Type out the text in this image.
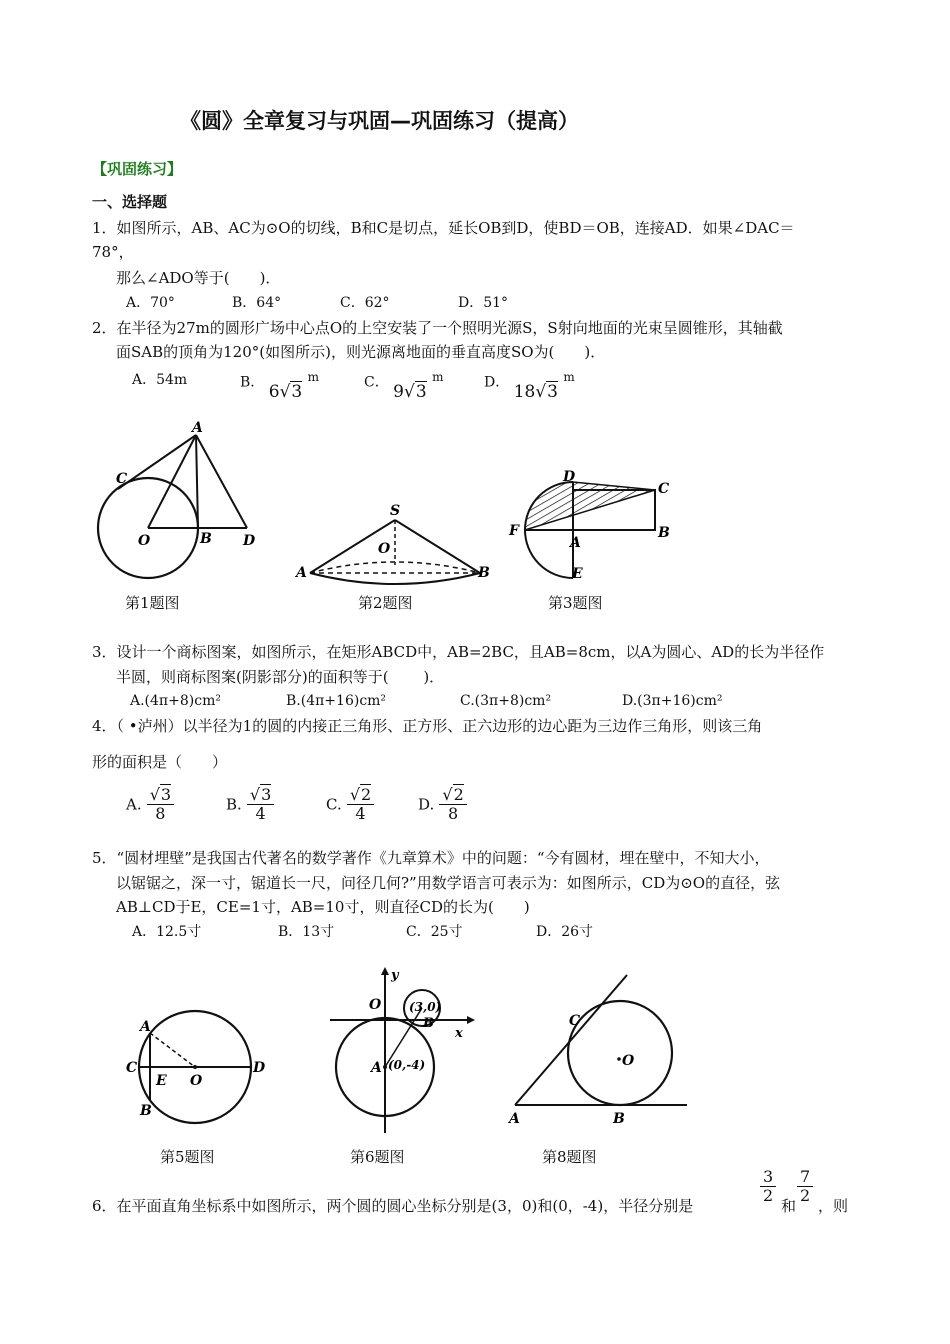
《圆》全章复习与巩固—巩固练习（提高）
【巩固练习】
一、选择题
1．如图所示，AB、AC为⊙O的切线，B和C是切点，延长OB到D，使BD＝OB，连接AD．如果∠DAC＝
78°，
那么∠ADO等于(　　)．
A．70°	B．64°	C．62°	D．51°
2．在半径为27m的圆形广场中心点O的上空安装了一个照明光源S，S射向地面的光束呈圆锥形，其轴截
面SAB的顶角为120°(如图所示)，则光源离地面的垂直高度SO为(　　)．
A．54m	B． 6√3 $^m$	C． 9√3 $^m$	D． 18√3 $^m$
A
C
O	B D
S
O
A	B
D
C
F
A
B
E
第1题图	第2题图	第3题图
3．设计一个商标图案，如图所示，在矩形ABCD中，AB=2BC，且AB=8cm，以A为圆心、AD的长为半径作
半圆，则商标图案(阴影部分)的面积等于(　　 )．
A.(4π+8)cm²	B.(4π+16)cm²	C.(3π+8)cm²	D.(3π+16)cm²
4．（ •泸州）以半径为1的圆的内接正三角形、正方形、正六边形的边心距为三边作三角形，则该三角
形的面积是（　　）
A. $\frac{√3}{8}$	B. $\frac{√3}{4}$	C. $\frac{√2}{4}$	D. $\frac{√2}{8}$
5．“圆材埋壁”是我国古代著名的数学著作《九章算术》中的问题：“今有圆材，埋在壁中，不知大小，
以锯锯之，深一寸，锯道长一尺，问径几何?”用数学语言可表示为：如图所示，CD为⊙O的直径，弦
AB⊥CD于E，CE=1寸，AB=10寸，则直径CD的长为(　　)
A．12.5寸	B．13寸	C．25寸	D．26寸
A
C
E O
D
B
y
x
O (3,0)
B
A (0,-4)
C
O
A	B
第5题图	第6题图	第8题图
6．在平面直角坐标系中如图所示，两个圆的圆心坐标分别是(3，0)和(0，-4)，半径分别是
$\frac{3}{2}$
和
$\frac{7}{2}$
，则
